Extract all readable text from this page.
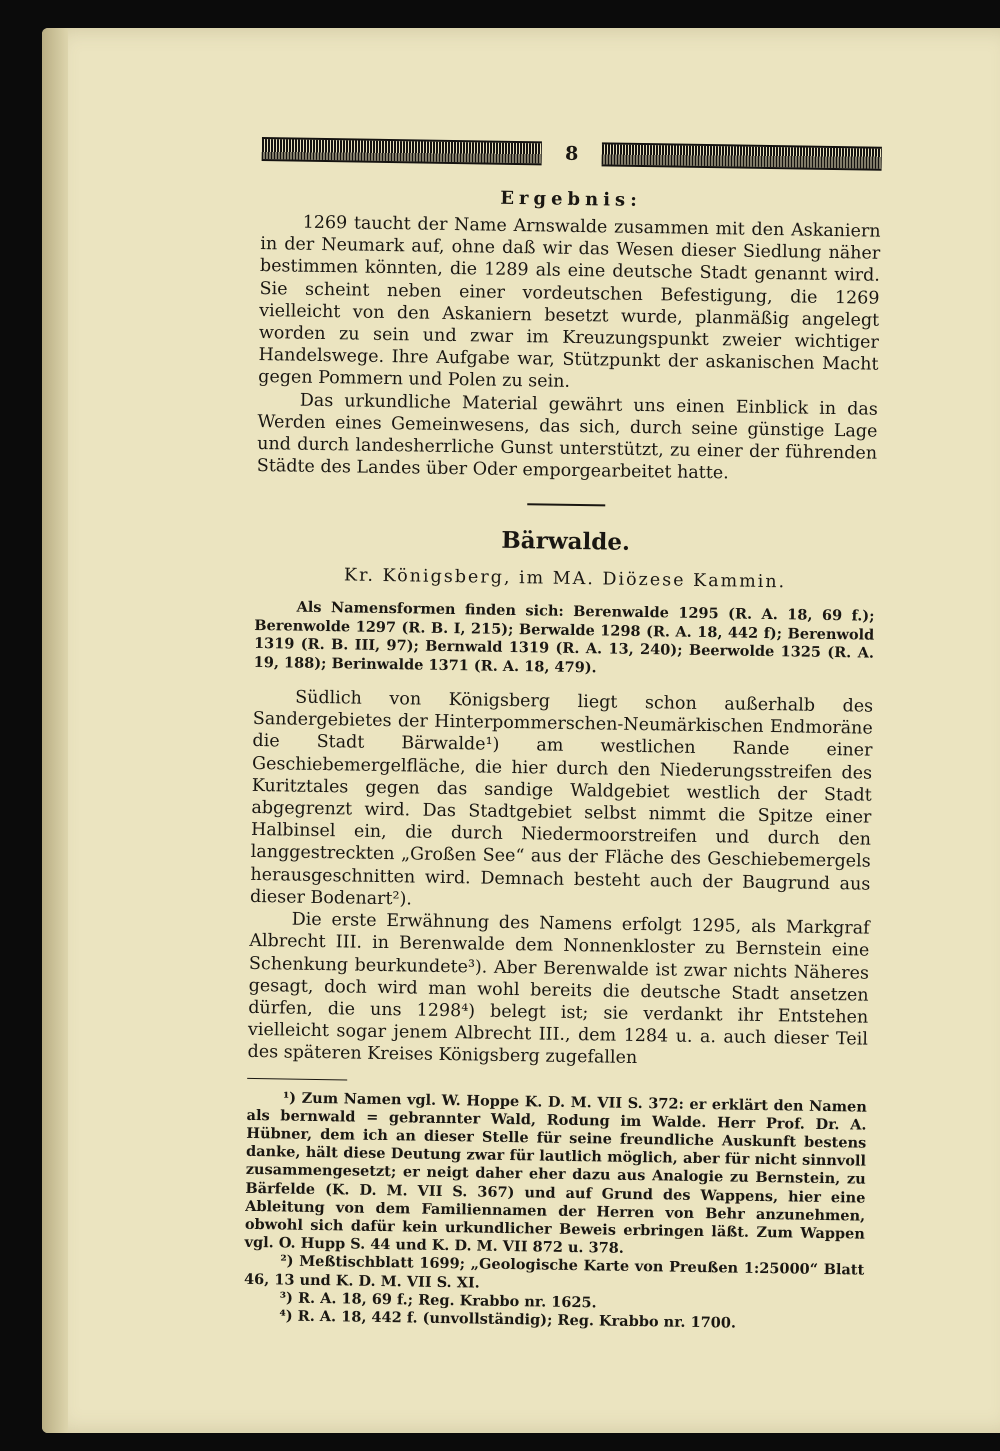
8
Ergebnis:

1269 taucht der Name Arnswalde zusammen mit den Askaniern in der Neumark auf, ohne daß wir das Wesen dieser Siedlung näher bestimmen könnten, die 1289 als eine deutsche Stadt genannt wird. Sie scheint neben einer vordeutschen Befestigung, die 1269 vielleicht von den Askaniern besetzt wurde, planmäßig angelegt worden zu sein und zwar im Kreuzungspunkt zweier wichtiger Handelswege. Ihre Aufgabe war, Stützpunkt der askanischen Macht gegen Pommern und Polen zu sein.

Das urkundliche Material gewährt uns einen Einblick in das Werden eines Gemeinwesens, das sich, durch seine günstige Lage und durch landesherrliche Gunst unterstützt, zu einer der führenden Städte des Landes über Oder emporgearbeitet hatte.

Bärwalde.
Kr. Königsberg, im MA. Diözese Kammin.

Als Namensformen finden sich: Berenwalde 1295 (R. A. 18, 69 f.); Berenwolde 1297 (R. B. I, 215); Berwalde 1298 (R. A. 18, 442 f); Berenwold 1319 (R. B. III, 97); Bernwald 1319 (R. A. 13, 240); Beerwolde 1325 (R. A. 19, 188); Berinwalde 1371 (R. A. 18, 479).

Südlich von Königsberg liegt schon außerhalb des Sandergebietes der Hinterpommerschen-Neumärkischen Endmoräne die Stadt Bärwalde¹) am westlichen Rande einer Geschiebemergelfläche, die hier durch den Niederungsstreifen des Kuritztales gegen das sandige Waldgebiet westlich der Stadt abgegrenzt wird. Das Stadtgebiet selbst nimmt die Spitze einer Halbinsel ein, die durch Niedermoorstreifen und durch den langgestreckten „Großen See“ aus der Fläche des Geschiebemergels herausgeschnitten wird. Demnach besteht auch der Baugrund aus dieser Bodenart²).

Die erste Erwähnung des Namens erfolgt 1295, als Markgraf Albrecht III. in Berenwalde dem Nonnenkloster zu Bernstein eine Schenkung beurkundete³). Aber Berenwalde ist zwar nichts Näheres gesagt, doch wird man wohl bereits die deutsche Stadt ansetzen dürfen, die uns 1298⁴) belegt ist; sie verdankt ihr Entstehen vielleicht sogar jenem Albrecht III., dem 1284 u. a. auch dieser Teil des späteren Kreises Königsberg zugefallen

¹) Zum Namen vgl. W. Hoppe K. D. M. VII S. 372: er erklärt den Namen als bernwald = gebrannter Wald, Rodung im Walde. Herr Prof. Dr. A. Hübner, dem ich an dieser Stelle für seine freundliche Auskunft bestens danke, hält diese Deutung zwar für lautlich möglich, aber für nicht sinnvoll zusammengesetzt; er neigt daher eher dazu aus Analogie zu Bernstein, zu Bärfelde (K. D. M. VII S. 367) und auf Grund des Wappens, hier eine Ableitung von dem Familiennamen der Herren von Behr anzunehmen, obwohl sich dafür kein urkundlicher Beweis erbringen läßt. Zum Wappen vgl. O. Hupp S. 44 und K. D. M. VII 872 u. 378.

²) Meßtischblatt 1699; „Geologische Karte von Preußen 1:25000“ Blatt 46, 13 und K. D. M. VII S. XI.

³) R. A. 18, 69 f.; Reg. Krabbo nr. 1625.

⁴) R. A. 18, 442 f. (unvollständig); Reg. Krabbo nr. 1700.
